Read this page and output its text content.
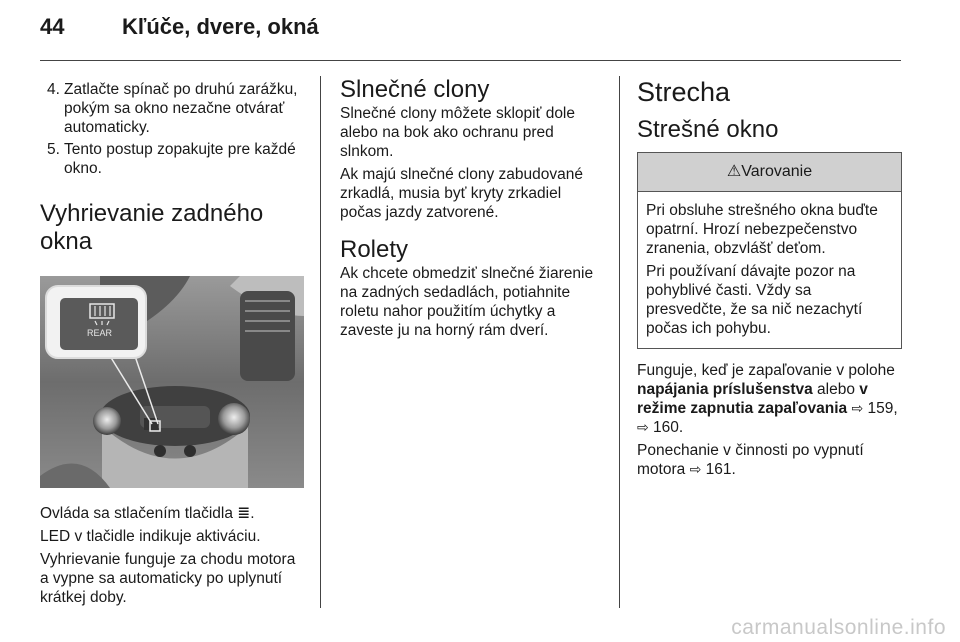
44	Kľúče, dvere, okná
4. Zatlačte spínač po druhú zarážku, pokým sa okno nezačne otvárať automaticky.
5. Tento postup zopakujte pre každé okno.
Vyhrievanie zadného okna
REAR

Ovláda sa stlačením tlačidla ≣.

LED v tlačidle indikuje aktiváciu.

Vyhrievanie funguje za chodu motora a vypne sa automaticky po uplynutí krátkej doby.

Slnečné clony

Slnečné clony môžete sklopiť dole alebo na bok ako ochranu pred slnkom.

Ak majú slnečné clony zabudované zrkadlá, musia byť kryty zrkadiel počas jazdy zatvorené.

Rolety

Ak chcete obmedziť slnečné žiarenie na zadných sedadlách, potiahnite roletu nahor použitím úchytky a zaveste ju na horný rám dverí.

Strecha
Strešné okno
⚠Varovanie

Pri obsluhe strešného okna buďte opatrní. Hrozí nebezpečenstvo zranenia, obzvlášť deťom.

Pri používaní dávajte pozor na pohyblivé časti. Vždy sa presvedčte, že sa nič nezachytí počas ich pohybu.

Funguje, keď je zapaľovanie v polohe napájania príslušenstva alebo v režime zapnutia zapaľovania ⇨ 159,
⇨ 160.

Ponechanie v činnosti po vypnutí motora ⇨ 161.

carmanualsonline.info
